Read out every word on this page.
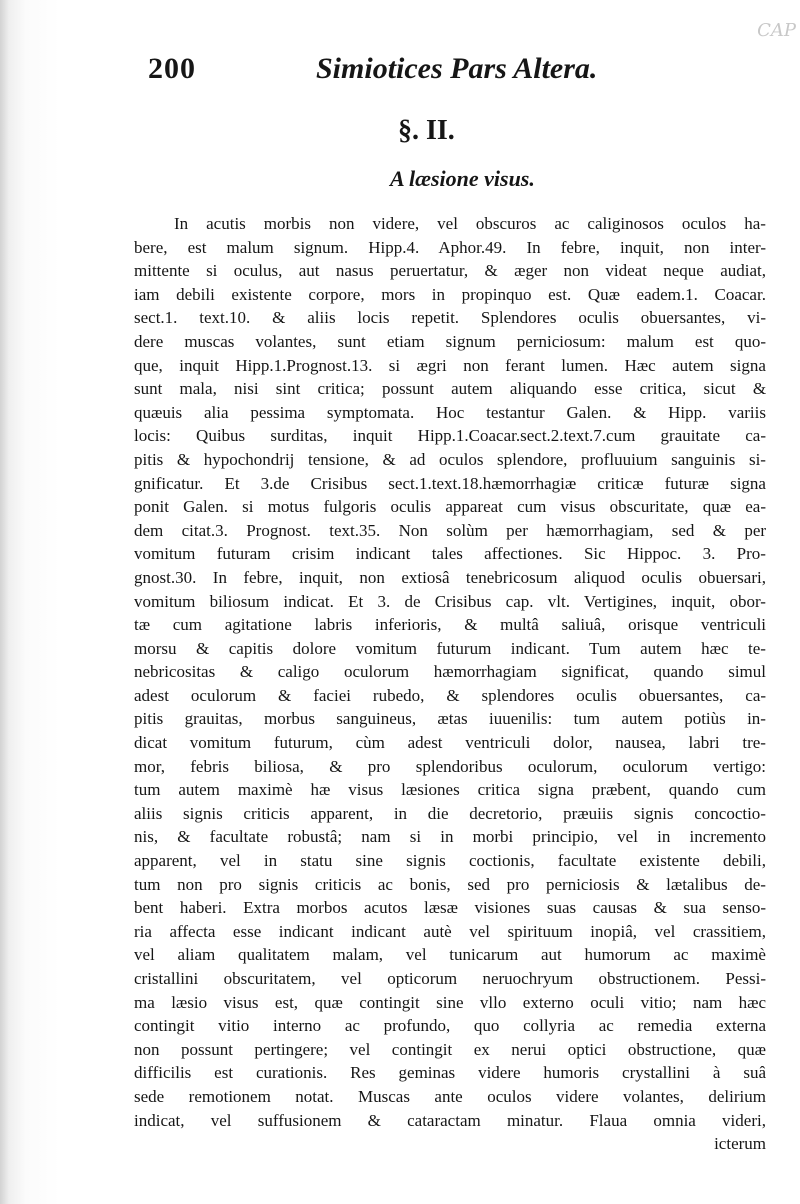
CAP
200	Simiotices Pars Altera.
§. II.
A læsione visus.
In acutis morbis non videre, vel obscuros ac caliginosos oculos ha-
bere, est malum signum. Hipp.4. Aphor.49. In febre, inquit, non inter-
mittente si oculus, aut nasus peruertatur, & æger non videat neque audiat,
iam debili existente corpore, mors in propinquo est. Quæ eadem.1. Coacar.
sect.1. text.10. & aliis locis repetit. Splendores oculis obuersantes, vi-
dere muscas volantes, sunt etiam signum perniciosum: malum est quo-
que, inquit Hipp.1.Prognost.13. si ægri non ferant lumen. Hæc autem signa
sunt mala, nisi sint critica; possunt autem aliquando esse critica, sicut &
quæuis alia pessima symptomata. Hoc testantur Galen. & Hipp. variis
locis: Quibus surditas, inquit Hipp.1.Coacar.sect.2.text.7.cum grauitate ca-
pitis & hypochondrij tensione, & ad oculos splendore, profluuium sanguinis si-
gnificatur. Et 3.de Crisibus sect.1.text.18.hæmorrhagiæ criticæ futuræ signa
ponit Galen. si motus fulgoris oculis appareat cum visus obscuritate, quæ ea-
dem citat.3. Prognost. text.35. Non solùm per hæmorrhagiam, sed & per
vomitum futuram crisim indicant tales affectiones. Sic Hippoc. 3. Pro-
gnost.30. In febre, inquit, non extiosâ tenebricosum aliquod oculis obuersari,
vomitum biliosum indicat. Et 3. de Crisibus cap. vlt. Vertigines, inquit, obor-
tæ cum agitatione labris inferioris, & multâ saliuâ, orisque ventriculi
morsu & capitis dolore vomitum futurum indicant. Tum autem hæc te-
nebricositas & caligo oculorum hæmorrhagiam significat, quando simul
adest oculorum & faciei rubedo, & splendores oculis obuersantes, ca-
pitis grauitas, morbus sanguineus, ætas iuuenilis: tum autem potiùs in-
dicat vomitum futurum, cùm adest ventriculi dolor, nausea, labri tre-
mor, febris biliosa, & pro splendoribus oculorum, oculorum vertigo:
tum autem maximè hæ visus læsiones critica signa præbent, quando cum
aliis signis criticis apparent, in die decretorio, præuiis signis concoctio-
nis, & facultate robustâ; nam si in morbi principio, vel in incremento
apparent, vel in statu sine signis coctionis, facultate existente debili,
tum non pro signis criticis ac bonis, sed pro perniciosis & lætalibus de-
bent haberi. Extra morbos acutos læsæ visiones suas causas & sua senso-
ria affecta esse indicant indicant autè vel spirituum inopiâ, vel crassitiem,
vel aliam qualitatem malam, vel tunicarum aut humorum ac maximè
cristallini obscuritatem, vel opticorum neruochryum obstructionem. Pessi-
ma læsio visus est, quæ contingit sine vllo externo oculi vitio; nam hæc
contingit vitio interno ac profundo, quo collyria ac remedia externa
non possunt pertingere; vel contingit ex nerui optici obstructione, quæ
difficilis est curationis. Res geminas videre humoris crystallini à suâ
sede remotionem notat. Muscas ante oculos videre volantes, delirium
indicat, vel suffusionem & cataractam minatur. Flaua omnia videri,
icterum
